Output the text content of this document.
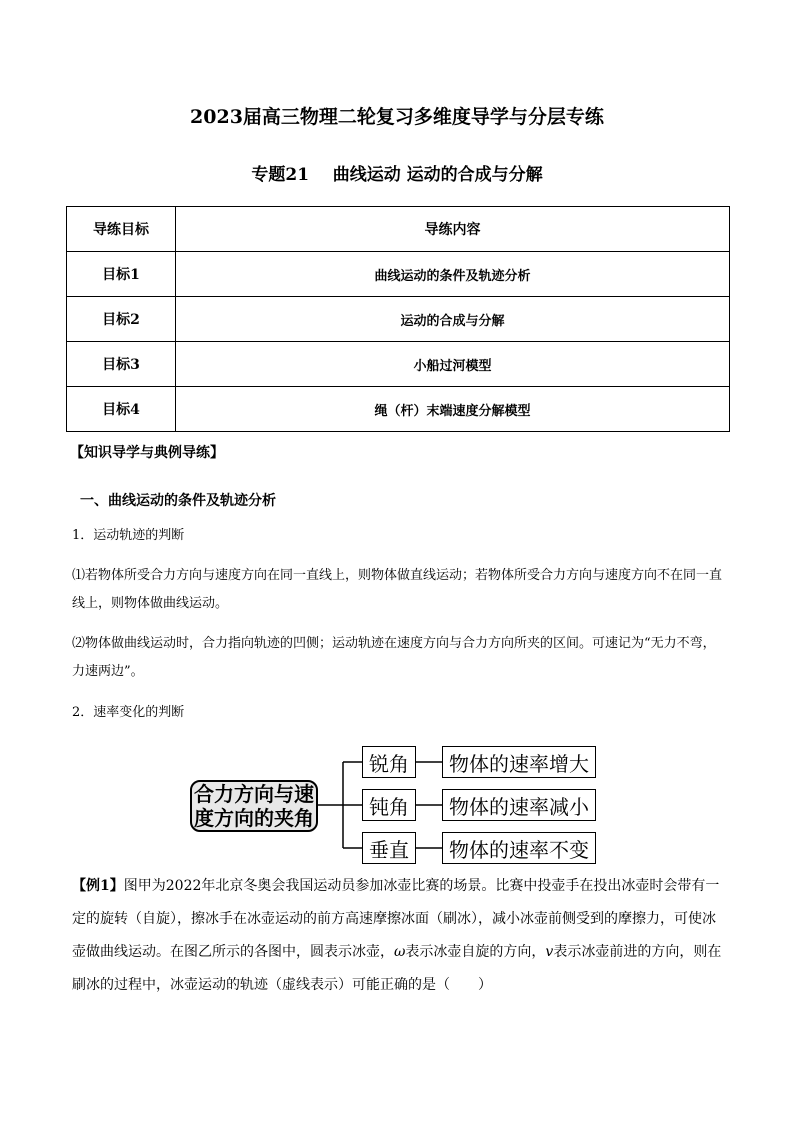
2023届高三物理二轮复习多维度导学与分层专练
专题21 曲线运动 运动的合成与分解
导练目标	导练内容
目标1	曲线运动的条件及轨迹分析
目标2	运动的合成与分解
目标3	小船过河模型
目标4	绳（杆）末端速度分解模型
【知识导学与典例导练】
一、曲线运动的条件及轨迹分析
1．运动轨迹的判断
⑴若物体所受合力方向与速度方向在同一直线上，则物体做直线运动；若物体所受合力方向与速度方向不在同一直线上，则物体做曲线运动。
⑵物体做曲线运动时，合力指向轨迹的凹侧；运动轨迹在速度方向与合力方向所夹的区间。可速记为“无力不弯，力速两边”。
2．速率变化的判断
合力方向与速度方向的夹角
锐角
钝角
垂直
物体的速率增大
物体的速率减小
物体的速率不变
【例1】图甲为2022年北京冬奥会我国运动员参加冰壶比赛的场景。比赛中投壶手在投出冰壶时会带有一定的旋转（自旋），擦冰手在冰壶运动的前方高速摩擦冰面（刷冰），减小冰壶前侧受到的摩擦力，可使冰壶做曲线运动。在图乙所示的各图中，圆表示冰壶，ω表示冰壶自旋的方向，v表示冰壶前进的方向，则在刷冰的过程中，冰壶运动的轨迹（虚线表示）可能正确的是（　　）
